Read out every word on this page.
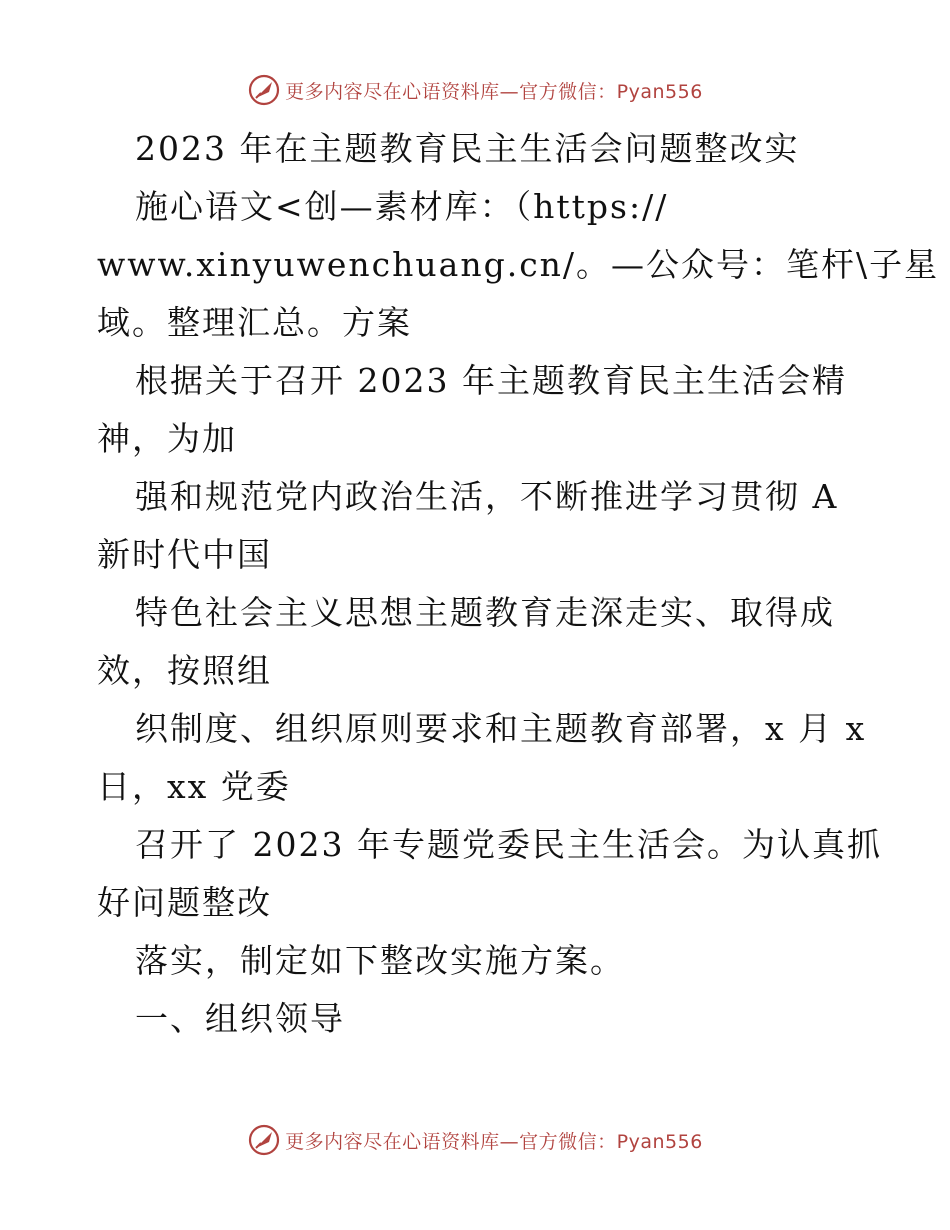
更多内容尽在心语资料库—官方微信：Pyan556
2023 年在主题教育民主生活会问题整改实
施心语文<创—素材库：（https://
www.xinyuwenchuang.cn/。—公众号：笔杆\子星
域。整理汇总。方案
根据关于召开 2023 年主题教育民主生活会精
神，为加
强和规范党内政治生活，不断推进学习贯彻 A
新时代中国
特色社会主义思想主题教育走深走实、取得成
效，按照组
织制度、组织原则要求和主题教育部署，x 月 x
日，xx 党委
召开了 2023 年专题党委民主生活会。为认真抓
好问题整改
落实，制定如下整改实施方案。
一、组织领导
更多内容尽在心语资料库—官方微信：Pyan556
